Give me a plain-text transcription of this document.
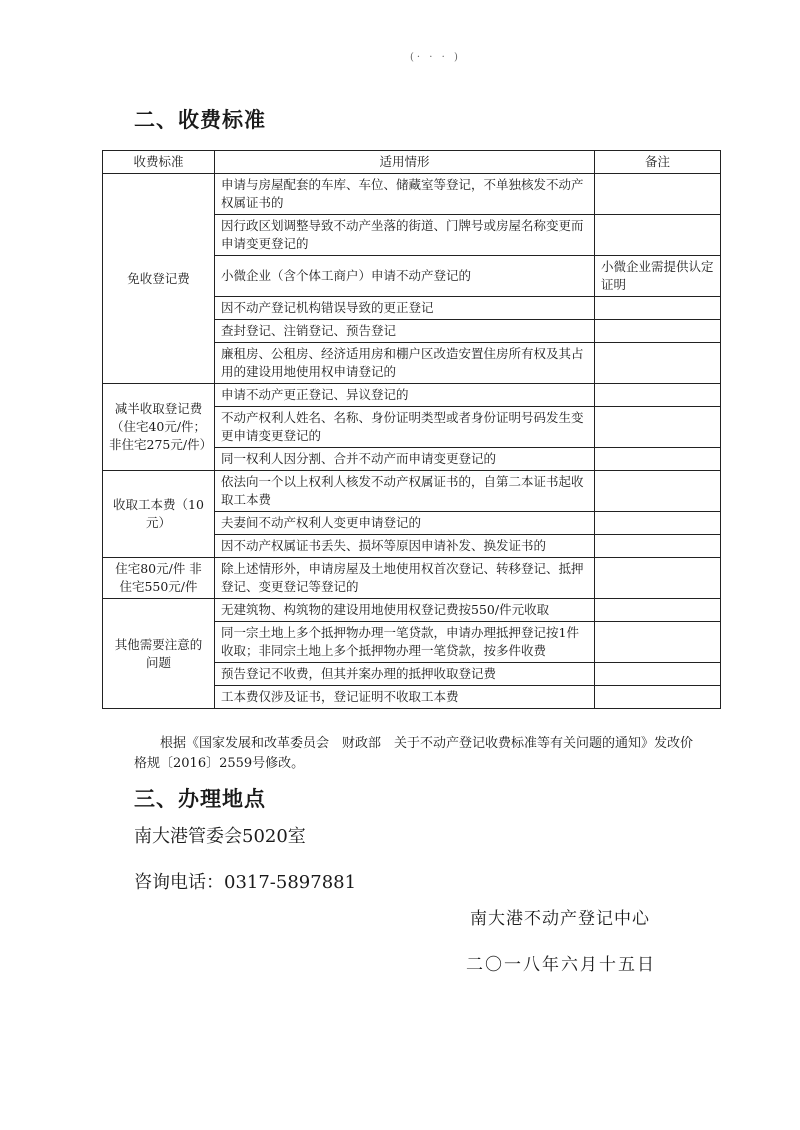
(· · · )
二、收费标准
收费标准	适用情形	备注
免收登记费	申请与房屋配套的车库、车位、储藏室等登记，不单独核发不动产权属证书的	
	因行政区划调整导致不动产坐落的街道、门牌号或房屋名称变更而申请变更登记的	
	小微企业（含个体工商户）申请不动产登记的	小微企业需提供认定证明
	因不动产登记机构错误导致的更正登记	
	查封登记、注销登记、预告登记	
	廉租房、公租房、经济适用房和棚户区改造安置住房所有权及其占用的建设用地使用权申请登记的	
减半收取登记费（住宅40元/件；非住宅275元/件）	申请不动产更正登记、异议登记的	
	不动产权利人姓名、名称、身份证明类型或者身份证明号码发生变更申请变更登记的	
	同一权利人因分割、合并不动产而申请变更登记的	
收取工本费（10元）	依法向一个以上权利人核发不动产权属证书的，自第二本证书起收取工本费	
	夫妻间不动产权利人变更申请登记的	
	因不动产权属证书丢失、损坏等原因申请补发、换发证书的	
住宅80元/件 非住宅550元/件	除上述情形外，申请房屋及土地使用权首次登记、转移登记、抵押登记、变更登记等登记的	
其他需要注意的问题	无建筑物、构筑物的建设用地使用权登记费按550/件元收取	
	同一宗土地上多个抵押物办理一笔贷款，申请办理抵押登记按1件收取；非同宗土地上多个抵押物办理一笔贷款，按多件收费	
	预告登记不收费，但其并案办理的抵押收取登记费	
	工本费仅涉及证书，登记证明不收取工本费	
根据《国家发展和改革委员会　财政部　关于不动产登记收费标准等有关问题的通知》发改价格规〔2016〕2559号修改。
三、办理地点
南大港管委会5020室
咨询电话：0317-5897881
南大港不动产登记中心
二〇一八年六月十五日
